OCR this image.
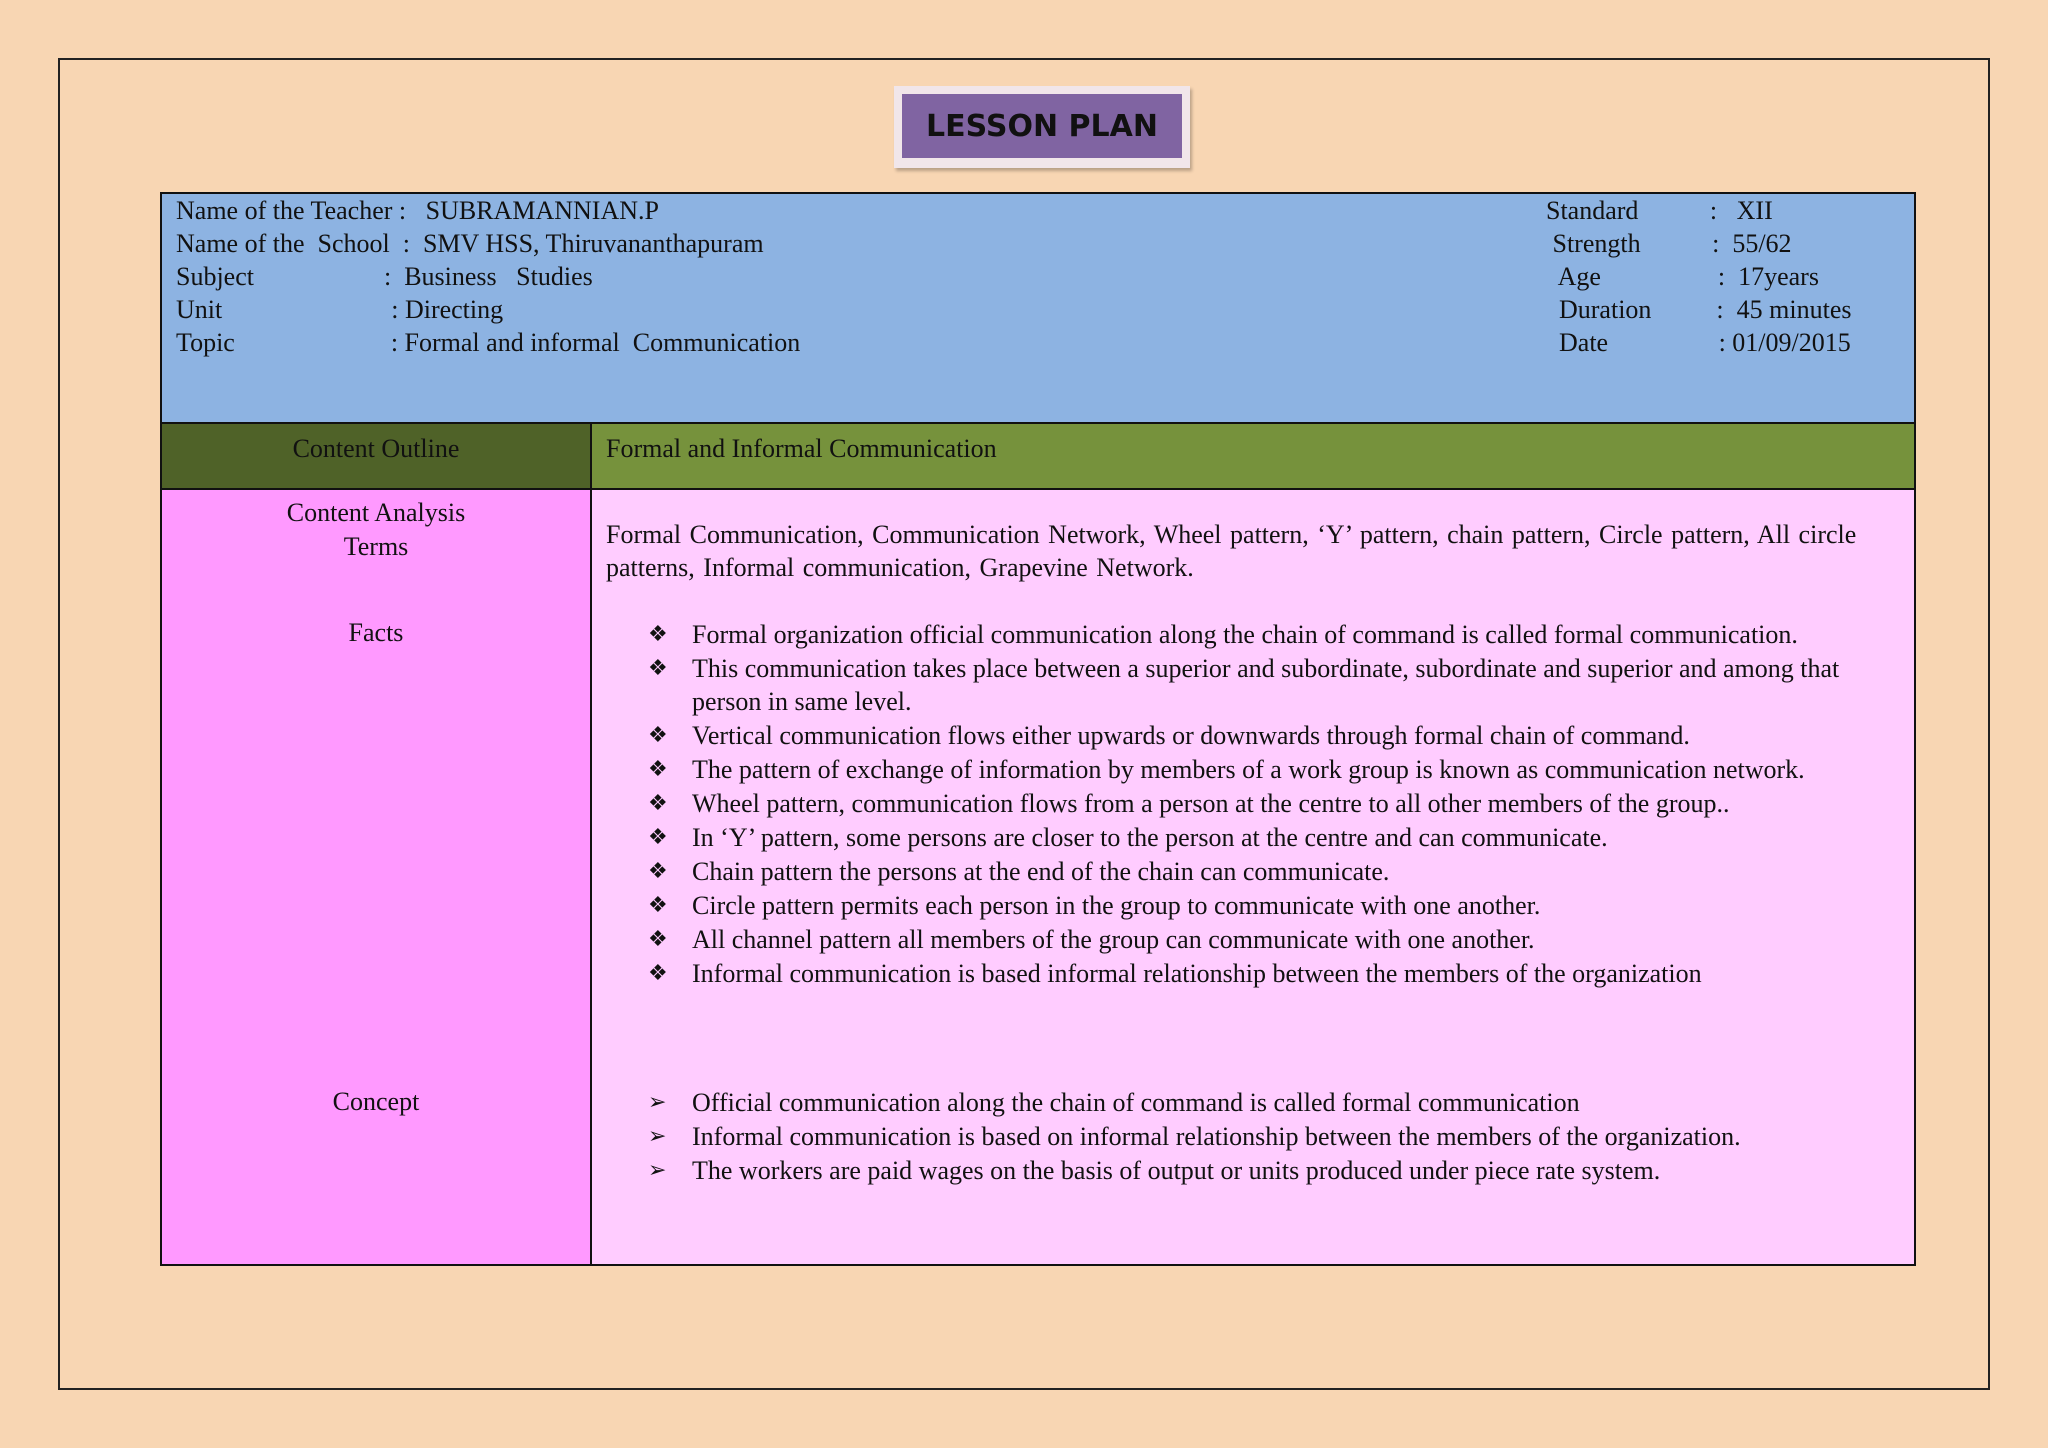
LESSON PLAN
Name of the Teacher :   SUBRAMANNIAN.P
Name of the  School  :  SMV HSS, Thiruvananthapuram
Subject                    :  Business   Studies
Unit                          : Directing
Topic                        : Formal and informal  Communication
Standard           :   XII
Strength           :  55/62
Age                  :  17years
Duration          :  45 minutes
Date                 : 01/09/2015
Content Outline	Formal and Informal Communication
Content Analysis
Terms
Facts
Concept
Formal Communication, Communication Network, Wheel pattern, ‘Y’ pattern, chain pattern, Circle pattern, All circle patterns, Informal communication, Grapevine Network.
❖ Formal organization official communication along the chain of command is called formal communication.
❖ This communication takes place between a superior and subordinate, subordinate and superior and among that person in same level.
❖ Vertical communication flows either upwards or downwards through formal chain of command.
❖ The pattern of exchange of information by members of a work group is known as communication network.
❖ Wheel pattern, communication flows from a person at the centre to all other members of the group..
❖ In ‘Y’ pattern, some persons are closer to the person at the centre and can communicate.
❖ Chain pattern the persons at the end of the chain can communicate.
❖ Circle pattern permits each person in the group to communicate with one another.
❖ All channel pattern all members of the group can communicate with one another.
❖ Informal communication is based informal relationship between the members of the organization
➢ Official communication along the chain of command is called formal communication
➢ Informal communication is based on informal relationship between the members of the organization.
➢ The workers are paid wages on the basis of output or units produced under piece rate system.
